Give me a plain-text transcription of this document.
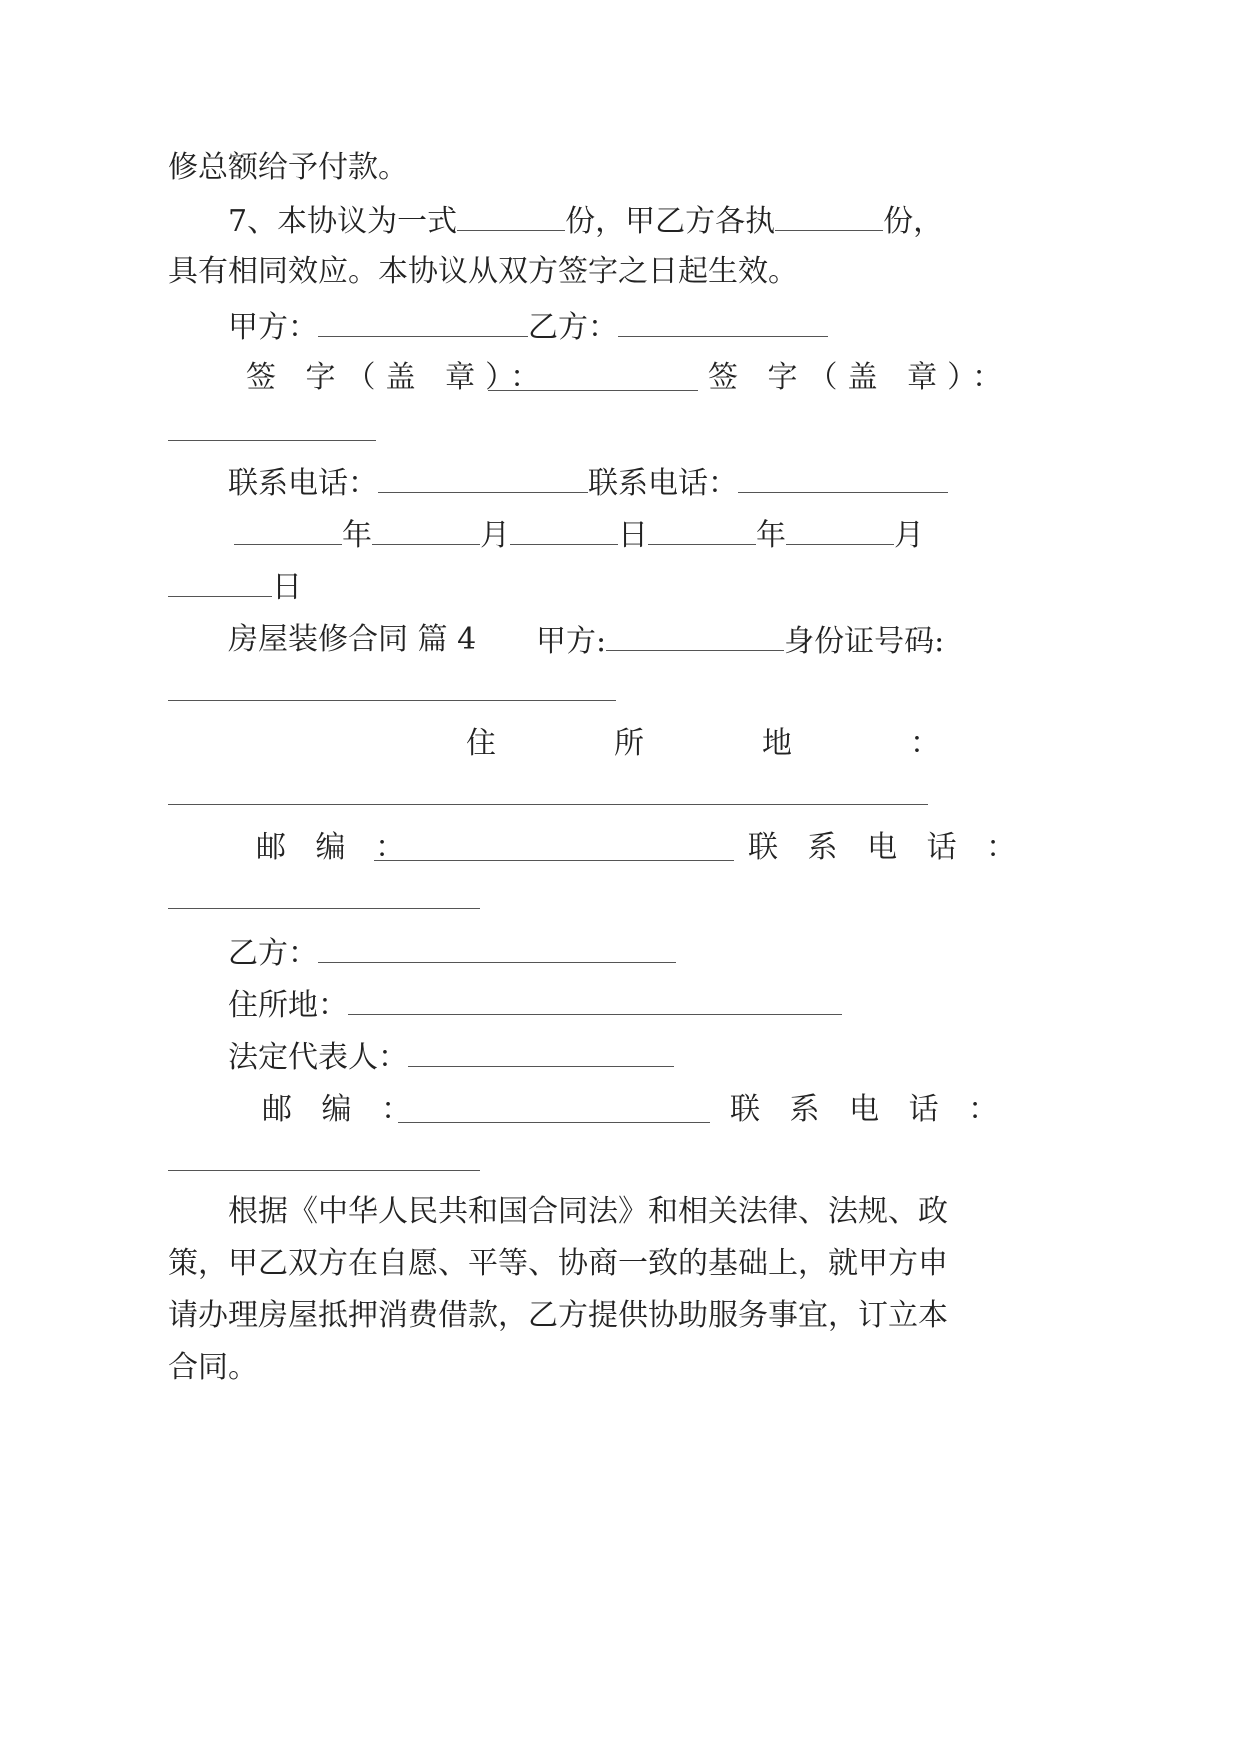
修总额给予付款。
7、本协议为一式	份，甲乙方各执	份，
具有相同效应。本协议从双方签字之日起生效。
甲方：	乙方：
签 字（盖 章）：	签 字（盖 章）：
联系电话：	联系电话：
年	月	日	年	月
日
房屋装修合同 篇 4 甲方:	身份证号码:
住	所	地	：
邮 编 ：	联 系 电 话 ：
乙方：
住所地：
法定代表人：
邮 编 ：	联 系 电 话 ：
根据《中华人民共和国合同法》和相关法律、法规、政
策，甲乙双方在自愿、平等、协商一致的基础上，就甲方申
请办理房屋抵押消费借款，乙方提供协助服务事宜，订立本
合同。
